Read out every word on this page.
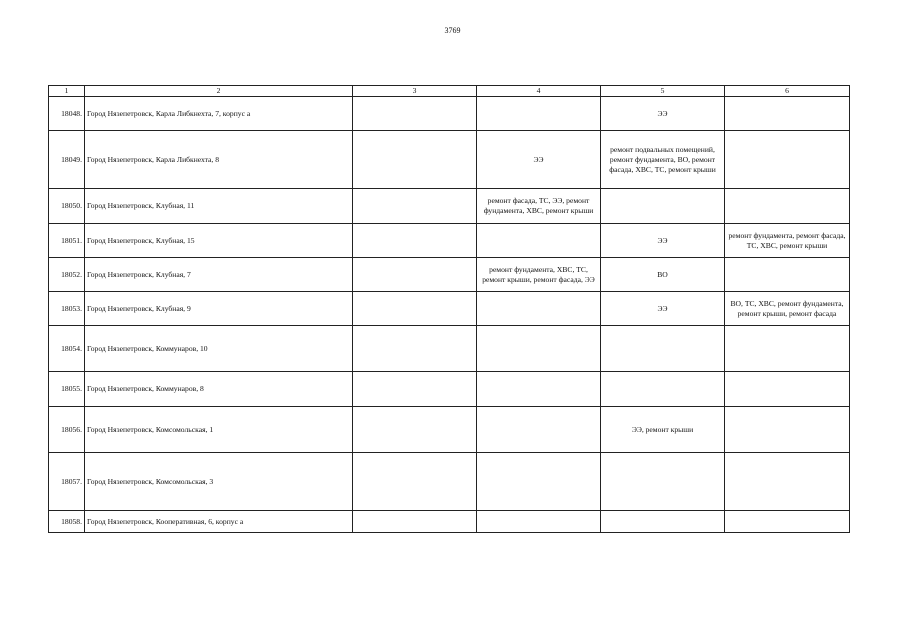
3769
1	2	3	4	5	6
18048.	Город Нязепетровск, Карла Либкнехта, 7, корпус а			ЭЭ	
18049.	Город Нязепетровск, Карла Либкнехта, 8		ЭЭ	ремонт подвальных помещений, ремонт фундамента, ВО, ремонт фасада, ХВС, ТС, ремонт крыши	
18050.	Город Нязепетровск, Клубная, 11		ремонт фасада, ТС, ЭЭ, ремонт фундамента, ХВС, ремонт крыши		
18051.	Город Нязепетровск, Клубная, 15			ЭЭ	ремонт фундамента, ремонт фасада, ТС, ХВС, ремонт крыши
18052.	Город Нязепетровск, Клубная, 7		ремонт фундамента, ХВС, ТС, ремонт крыши, ремонт фасада, ЭЭ	ВО	
18053.	Город Нязепетровск, Клубная, 9			ЭЭ	ВО, ТС, ХВС, ремонт фундамента, ремонт крыши, ремонт фасада
18054.	Город Нязепетровск, Коммунаров, 10				
18055.	Город Нязепетровск, Коммунаров, 8				
18056.	Город Нязепетровск, Комсомольская, 1			ЭЭ, ремонт крыши	
18057.	Город Нязепетровск, Комсомольская, 3				
18058.	Город Нязепетровск, Кооперативная, 6, корпус а				
